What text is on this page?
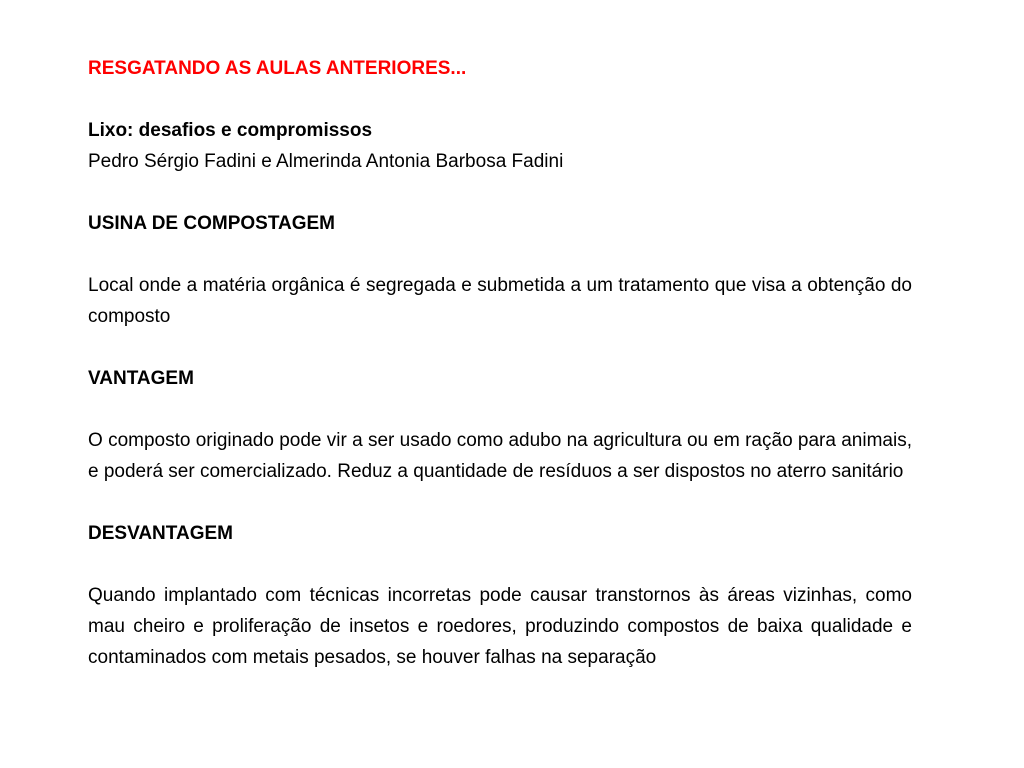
RESGATANDO AS AULAS ANTERIORES...

Lixo: desafios e compromissos

Pedro Sérgio Fadini e Almerinda Antonia Barbosa Fadini

USINA DE COMPOSTAGEM

Local onde a matéria orgânica é segregada e submetida a um tratamento que visa a obtenção do composto

VANTAGEM

O composto originado pode vir a ser usado como adubo na agricultura ou em ração para animais, e poderá ser comercializado. Reduz a quantidade de resíduos a ser dispostos no aterro sanitário

DESVANTAGEM

Quando implantado com técnicas incorretas pode causar transtornos às áreas vizinhas, como mau cheiro e proliferação de insetos e roedores, produzindo compostos de baixa qualidade e contaminados com metais pesados, se houver falhas na separação
